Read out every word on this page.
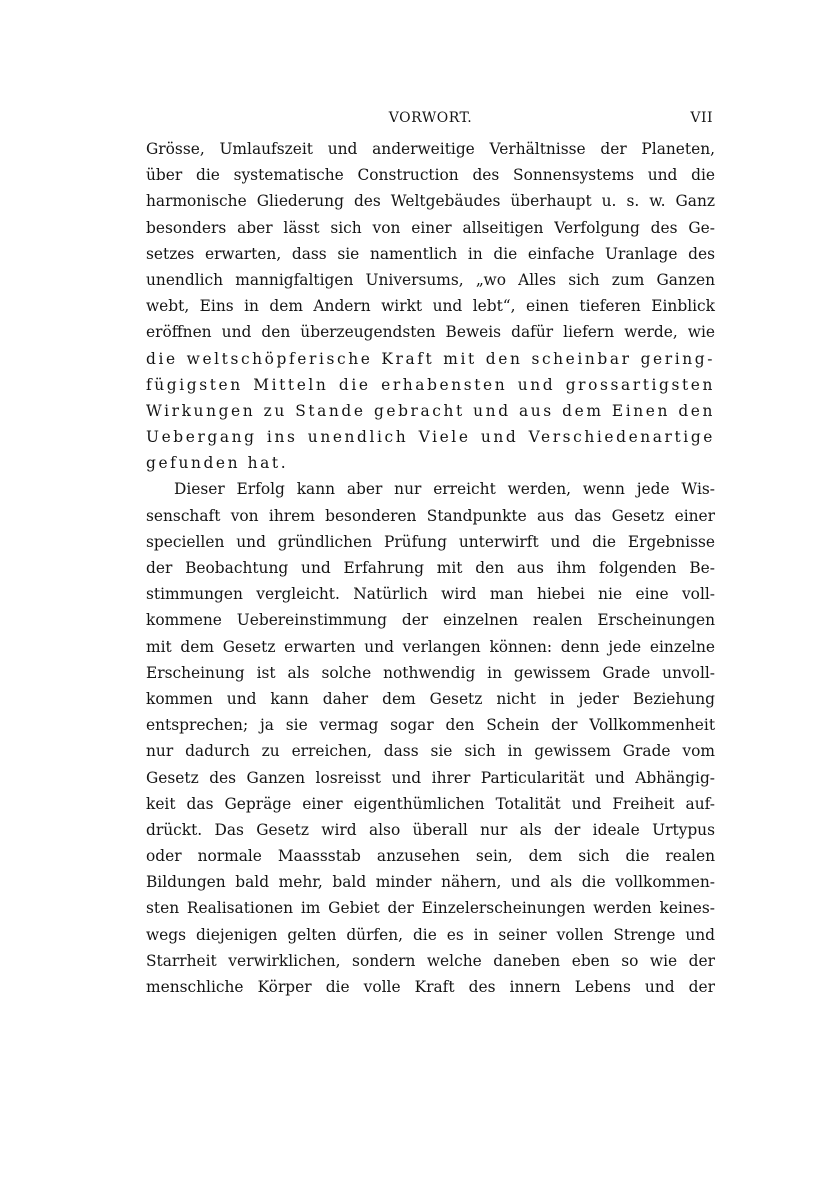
VORWORT.	VII
Grösse, Umlaufszeit und anderweitige Verhältnisse der Planeten,
über die systematische Construction des Sonnensystems und die
harmonische Gliederung des Weltgebäudes überhaupt u. s. w. Ganz
besonders aber lässt sich von einer allseitigen Verfolgung des Ge-
setzes erwarten, dass sie namentlich in die einfache Uranlage des
unendlich mannigfaltigen Universums, „wo Alles sich zum Ganzen
webt, Eins in dem Andern wirkt und lebt“, einen tieferen Einblick
eröffnen und den überzeugendsten Beweis dafür liefern werde, wie
die weltschöpferische Kraft mit den scheinbar gering-
fügigsten Mitteln die erhabensten und grossartigsten
Wirkungen zu Stande gebracht und aus dem Einen den
Uebergang ins unendlich Viele und Verschiedenartige
gefunden hat.
Dieser Erfolg kann aber nur erreicht werden, wenn jede Wis-
senschaft von ihrem besonderen Standpunkte aus das Gesetz einer
speciellen und gründlichen Prüfung unterwirft und die Ergebnisse
der Beobachtung und Erfahrung mit den aus ihm folgenden Be-
stimmungen vergleicht. Natürlich wird man hiebei nie eine voll-
kommene Uebereinstimmung der einzelnen realen Erscheinungen
mit dem Gesetz erwarten und verlangen können: denn jede einzelne
Erscheinung ist als solche nothwendig in gewissem Grade unvoll-
kommen und kann daher dem Gesetz nicht in jeder Beziehung
entsprechen; ja sie vermag sogar den Schein der Vollkommenheit
nur dadurch zu erreichen, dass sie sich in gewissem Grade vom
Gesetz des Ganzen losreisst und ihrer Particularität und Abhängig-
keit das Gepräge einer eigenthümlichen Totalität und Freiheit auf-
drückt. Das Gesetz wird also überall nur als der ideale Urtypus
oder normale Maassstab anzusehen sein, dem sich die realen
Bildungen bald mehr, bald minder nähern, und als die vollkommen-
sten Realisationen im Gebiet der Einzelerscheinungen werden keines-
wegs diejenigen gelten dürfen, die es in seiner vollen Strenge und
Starrheit verwirklichen, sondern welche daneben eben so wie der
menschliche Körper die volle Kraft des innern Lebens und der
